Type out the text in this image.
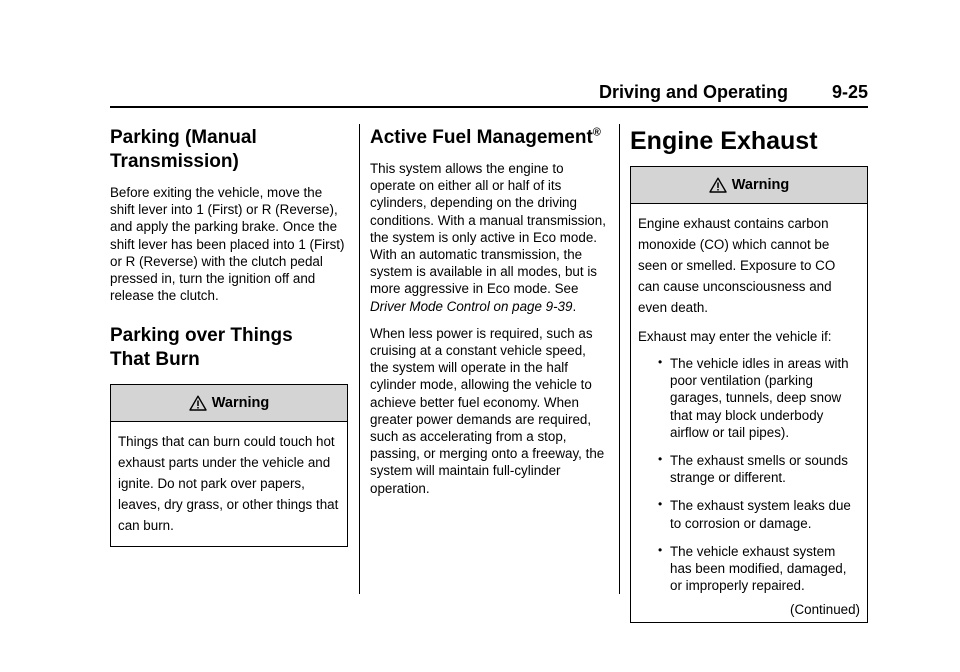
Driving and Operating 9-25
Parking (Manual
Transmission)

Before exiting the vehicle, move the shift lever into 1 (First) or R (Reverse), and apply the parking brake. Once the shift lever has been placed into 1 (First) or R (Reverse) with the clutch pedal pressed in, turn the ignition off and release the clutch.

Parking over Things
That Burn
Warning

Things that can burn could touch hot exhaust parts under the vehicle and ignite. Do not park over papers, leaves, dry grass, or other things that can burn.

Active Fuel Management®

This system allows the engine to operate on either all or half of its cylinders, depending on the driving conditions. With a manual transmission, the system is only active in Eco mode. With an automatic transmission, the system is available in all modes, but is more aggressive in Eco mode. See Driver Mode Control on page 9-39.

When less power is required, such as cruising at a constant vehicle speed, the system will operate in the half cylinder mode, allowing the vehicle to achieve better fuel economy. When greater power demands are required, such as accelerating from a stop, passing, or merging onto a freeway, the system will maintain full-cylinder operation.

Engine Exhaust
Warning

Engine exhaust contains carbon monoxide (CO) which cannot be seen or smelled. Exposure to CO can cause unconsciousness and even death.

Exhaust may enter the vehicle if:

• The vehicle idles in areas with poor ventilation (parking garages, tunnels, deep snow that may block underbody airflow or tail pipes).
• The exhaust smells or sounds strange or different.
• The exhaust system leaks due to corrosion or damage.
• The vehicle exhaust system has been modified, damaged, or improperly repaired.
(Continued)
